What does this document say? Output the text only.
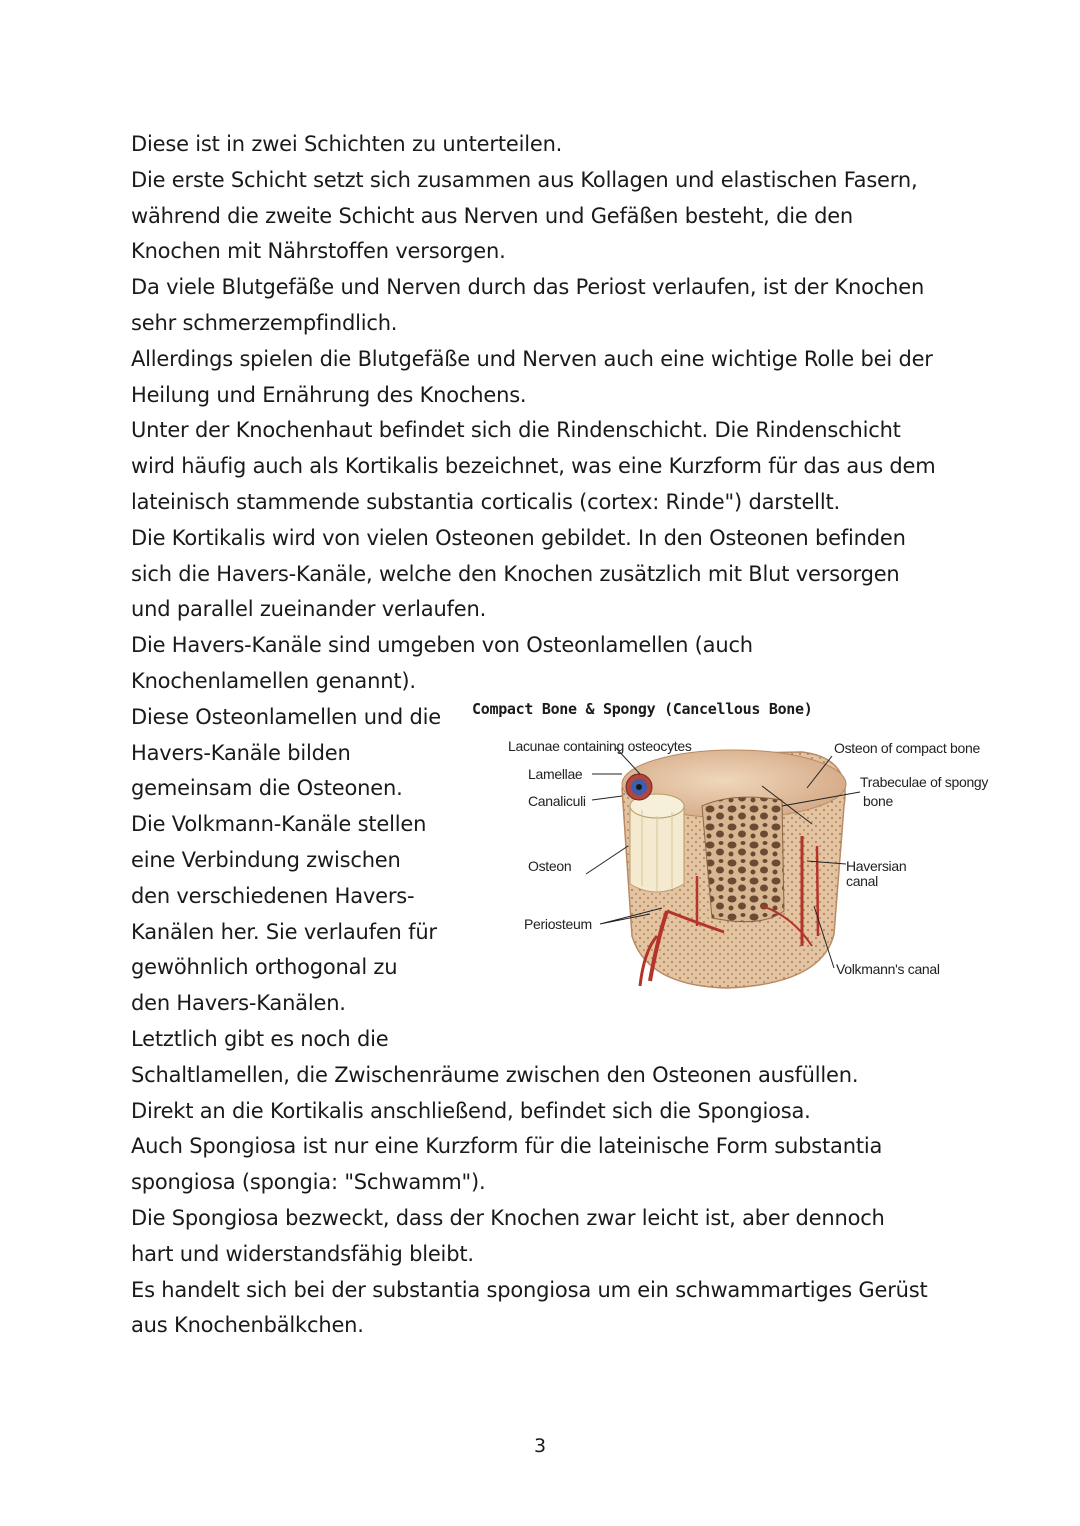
Diese ist in zwei Schichten zu unterteilen.
Die erste Schicht setzt sich zusammen aus Kollagen und elastischen Fasern,
während die zweite Schicht aus Nerven und Gefäßen besteht, die den
Knochen mit Nährstoffen versorgen.
Da viele Blutgefäße und Nerven durch das Periost verlaufen, ist der Knochen
sehr schmerzempfindlich.
Allerdings spielen die Blutgefäße und Nerven auch eine wichtige Rolle bei der
Heilung und Ernährung des Knochens.
Unter der Knochenhaut befindet sich die Rindenschicht. Die Rindenschicht
wird häufig auch als Kortikalis bezeichnet, was eine Kurzform für das aus dem
lateinisch stammende substantia corticalis (cortex: Rinde") darstellt.
Die Kortikalis wird von vielen Osteonen gebildet. In den Osteonen befinden
sich die Havers-Kanäle, welche den Knochen zusätzlich mit Blut versorgen
und parallel zueinander verlaufen.
Die Havers-Kanäle sind umgeben von Osteonlamellen (auch
Knochenlamellen genannt).
Diese Osteonlamellen und die
Havers-Kanäle bilden
gemeinsam die Osteonen.
Die Volkmann-Kanäle stellen
eine Verbindung zwischen
den verschiedenen Havers-
Kanälen her. Sie verlaufen für
gewöhnlich orthogonal zu
den Havers-Kanälen.
Letztlich gibt es noch die
Schaltlamellen, die Zwischenräume zwischen den Osteonen ausfüllen.
Direkt an die Kortikalis anschließend, befindet sich die Spongiosa.
Auch Spongiosa ist nur eine Kurzform für die lateinische Form substantia
spongiosa (spongia: "Schwamm").
Die Spongiosa bezweckt, dass der Knochen zwar leicht ist, aber dennoch
hart und widerstandsfähig bleibt.
Es handelt sich bei der substantia spongiosa um ein schwammartiges Gerüst
aus Knochenbälkchen.
Compact Bone & Spongy (Cancellous Bone)
Lacunae containing osteocytes
Lamellae
Canaliculi
Osteon
Periosteum
Osteon of compact bone
Trabeculae of spongy
bone
Haversian
canal
Volkmann's canal
3
